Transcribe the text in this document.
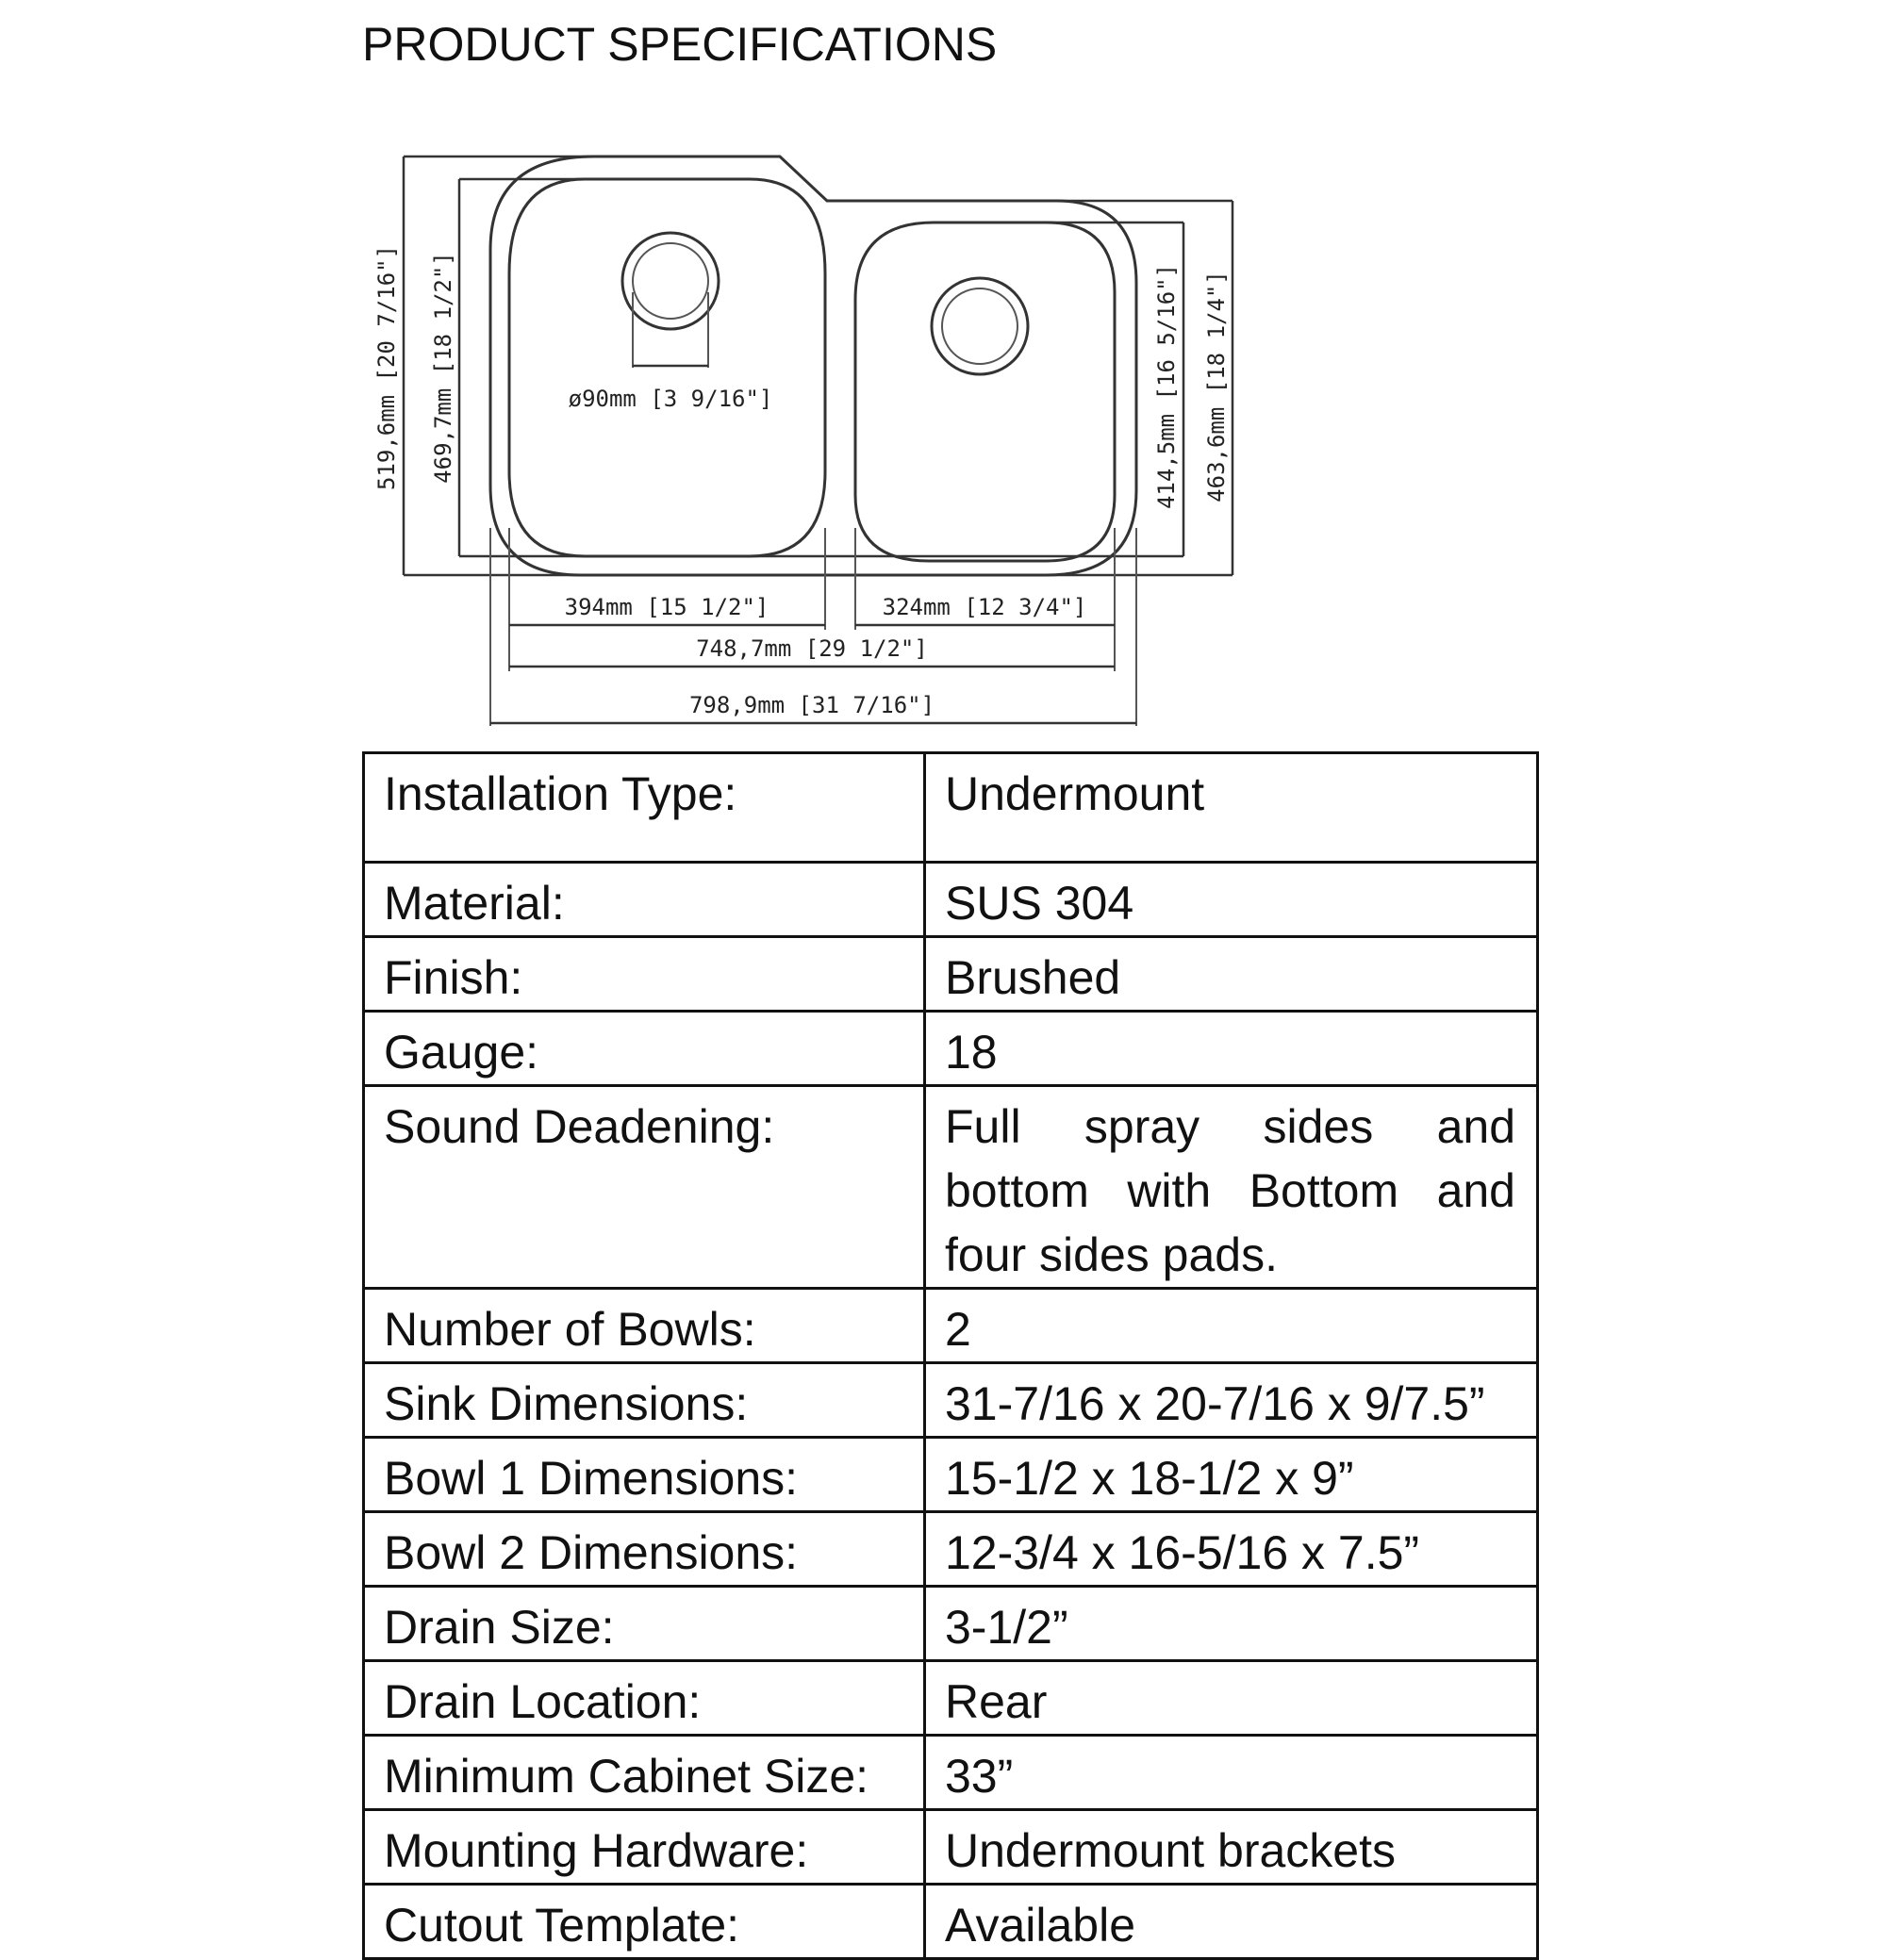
PRODUCT SPECIFICATIONS
519,6mm [20 7/16"] 469,7mm [18 1/2"]	ø90mm [3 9/16"]	414,5mm [16 5/16"] 463,6mm [18 1/4"]
394mm [15 1/2"]	324mm [12 3/4"]
748,7mm [29 1/2"]
798,9mm [31 7/16"]
Installation Type:	Undermount
Material:	SUS 304
Finish:	Brushed
Gauge:	18
Sound Deadening:	Full spray sides and bottom with Bottom and four sides pads.
Number of Bowls:	2
Sink Dimensions:	31-7/16 x 20-7/16 x 9/7.5”
Bowl 1 Dimensions:	15-1/2 x 18-1/2 x 9”
Bowl 2 Dimensions:	12-3/4 x 16-5/16 x 7.5”
Drain Size:	3-1/2”
Drain Location:	Rear
Minimum Cabinet Size:	33”
Mounting Hardware:	Undermount brackets
Cutout Template:	Available
